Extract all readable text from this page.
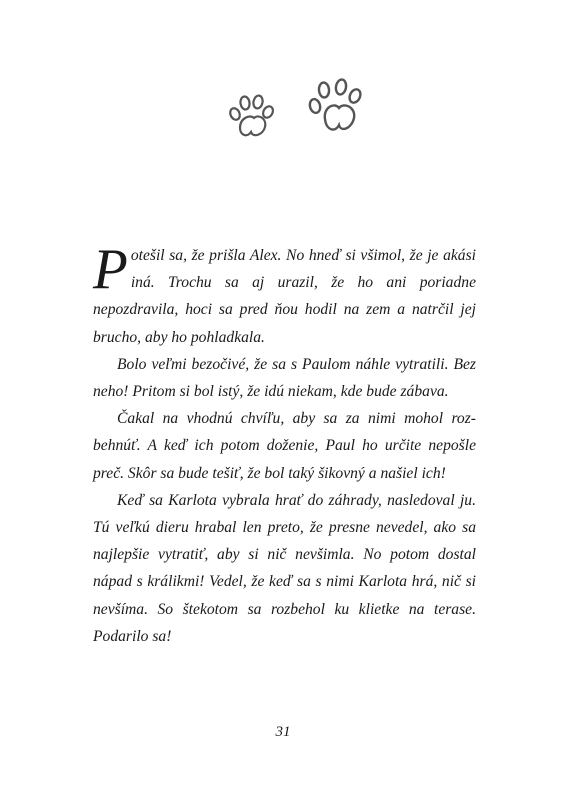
P otešil sa, že prišla Alex. No hneď si všimol, že je akási iná. Trochu sa aj urazil, že ho ani poriadne nepozdravila, hoci sa pred ňou hodil na zem a natrčil jej brucho, aby ho pohladkala.

Bolo veľmi bezočivé, že sa s Paulom náhle vytratili. Bez neho! Pritom si bol istý, že idú niekam, kde bude zábava.

Čakal na vhodnú chvíľu, aby sa za nimi mohol rozbehnúť. A keď ich potom doženie, Paul ho určite nepošle preč. Skôr sa bude tešiť, že bol taký šikovný a našiel ich!

Keď sa Karlota vybrala hrať do záhrady, nasledoval ju. Tú veľkú dieru hrabal len preto, že presne nevedel, ako sa najlepšie vytratiť, aby si nič nevšimla. No potom dostal nápad s králikmi! Vedel, že keď sa s nimi Karlota hrá, nič si nevšíma. So štekotom sa rozbehol ku klietke na terase. Podarilo sa!

31
